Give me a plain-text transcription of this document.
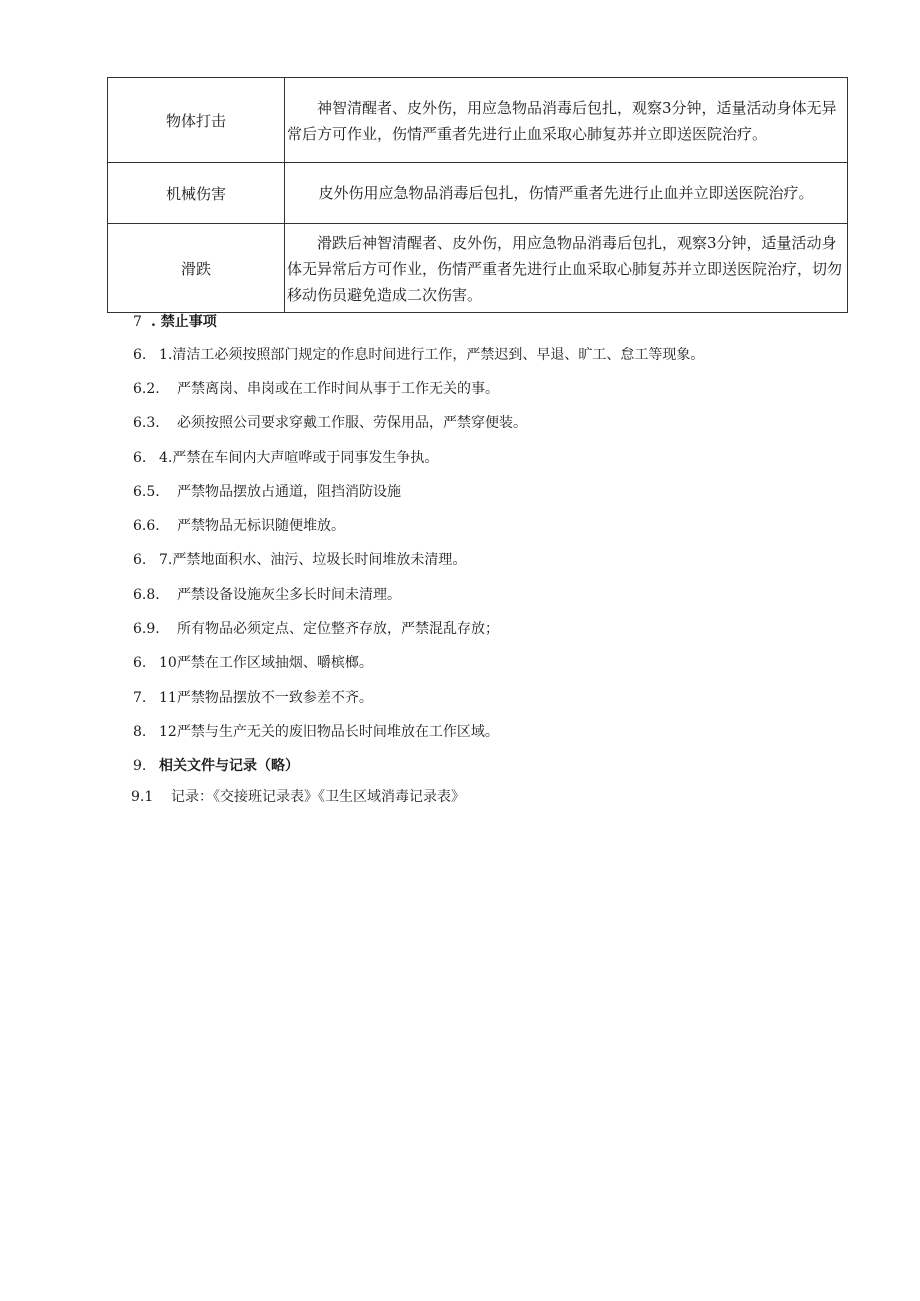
物体打击	神智清醒者、皮外伤，用应急物品消毒后包扎，观察3分钟，适量活动身体无异常后方可作业，伤情严重者先进行止血采取心肺复苏并立即送医院治疗。
机械伤害	皮外伤用应急物品消毒后包扎，伤情严重者先进行止血并立即送医院治疗。
滑跌	滑跌后神智清醒者、皮外伤，用应急物品消毒后包扎，观察3分钟，适量活动身体无异常后方可作业，伤情严重者先进行止血采取心肺复苏并立即送医院治疗，切勿移动伤员避免造成二次伤害。
7 . 禁止事项
6. 1.清洁工必须按照部门规定的作息时间进行工作，严禁迟到、早退、旷工、怠工等现象。
6.2. 严禁离岗、串岗或在工作时间从事于工作无关的事。
6.3. 必须按照公司要求穿戴工作服、劳保用品，严禁穿便装。
6. 4.严禁在车间内大声喧哗或于同事发生争执。
6.5. 严禁物品摆放占通道，阻挡消防设施
6.6. 严禁物品无标识随便堆放。
6. 7.严禁地面积水、油污、垃圾长时间堆放未清理。
6.8. 严禁设备设施灰尘多长时间未清理。
6.9. 所有物品必须定点、定位整齐存放，严禁混乱存放；
6. 10严禁在工作区域抽烟、嚼槟榔。
7. 11严禁物品摆放不一致参差不齐。
8. 12严禁与生产无关的废旧物品长时间堆放在工作区域。
9. 相关文件与记录（略）
9.1 记录：《交接班记录表》《卫生区域消毒记录表》
